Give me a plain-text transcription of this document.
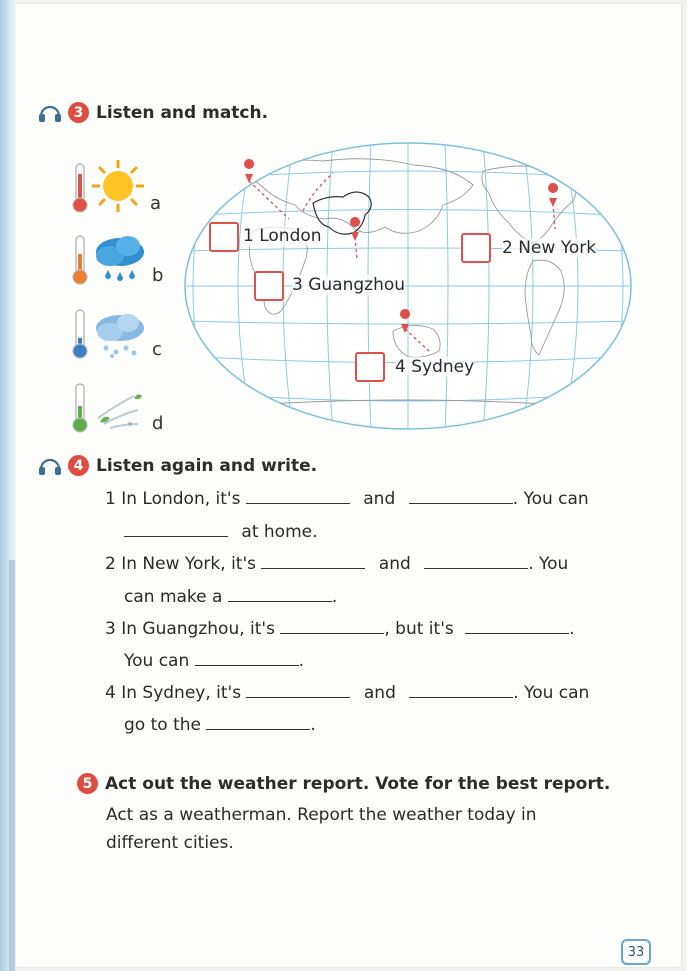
3 Listen and match.
a
b
c
d
1 London
2 New York
3 Guangzhou
4 Sydney
4 Listen again and write.
1 In London, it's	and	. You can
at home.
2 In New York, it's	and	. You
can make a	.
3 In Guangzhou, it's	, but it's	.
You can	.
4 In Sydney, it's	and	. You can
go to the	.
5 Act out the weather report. Vote for the best report.
Act as a weatherman. Report the weather today in
different cities.
33
